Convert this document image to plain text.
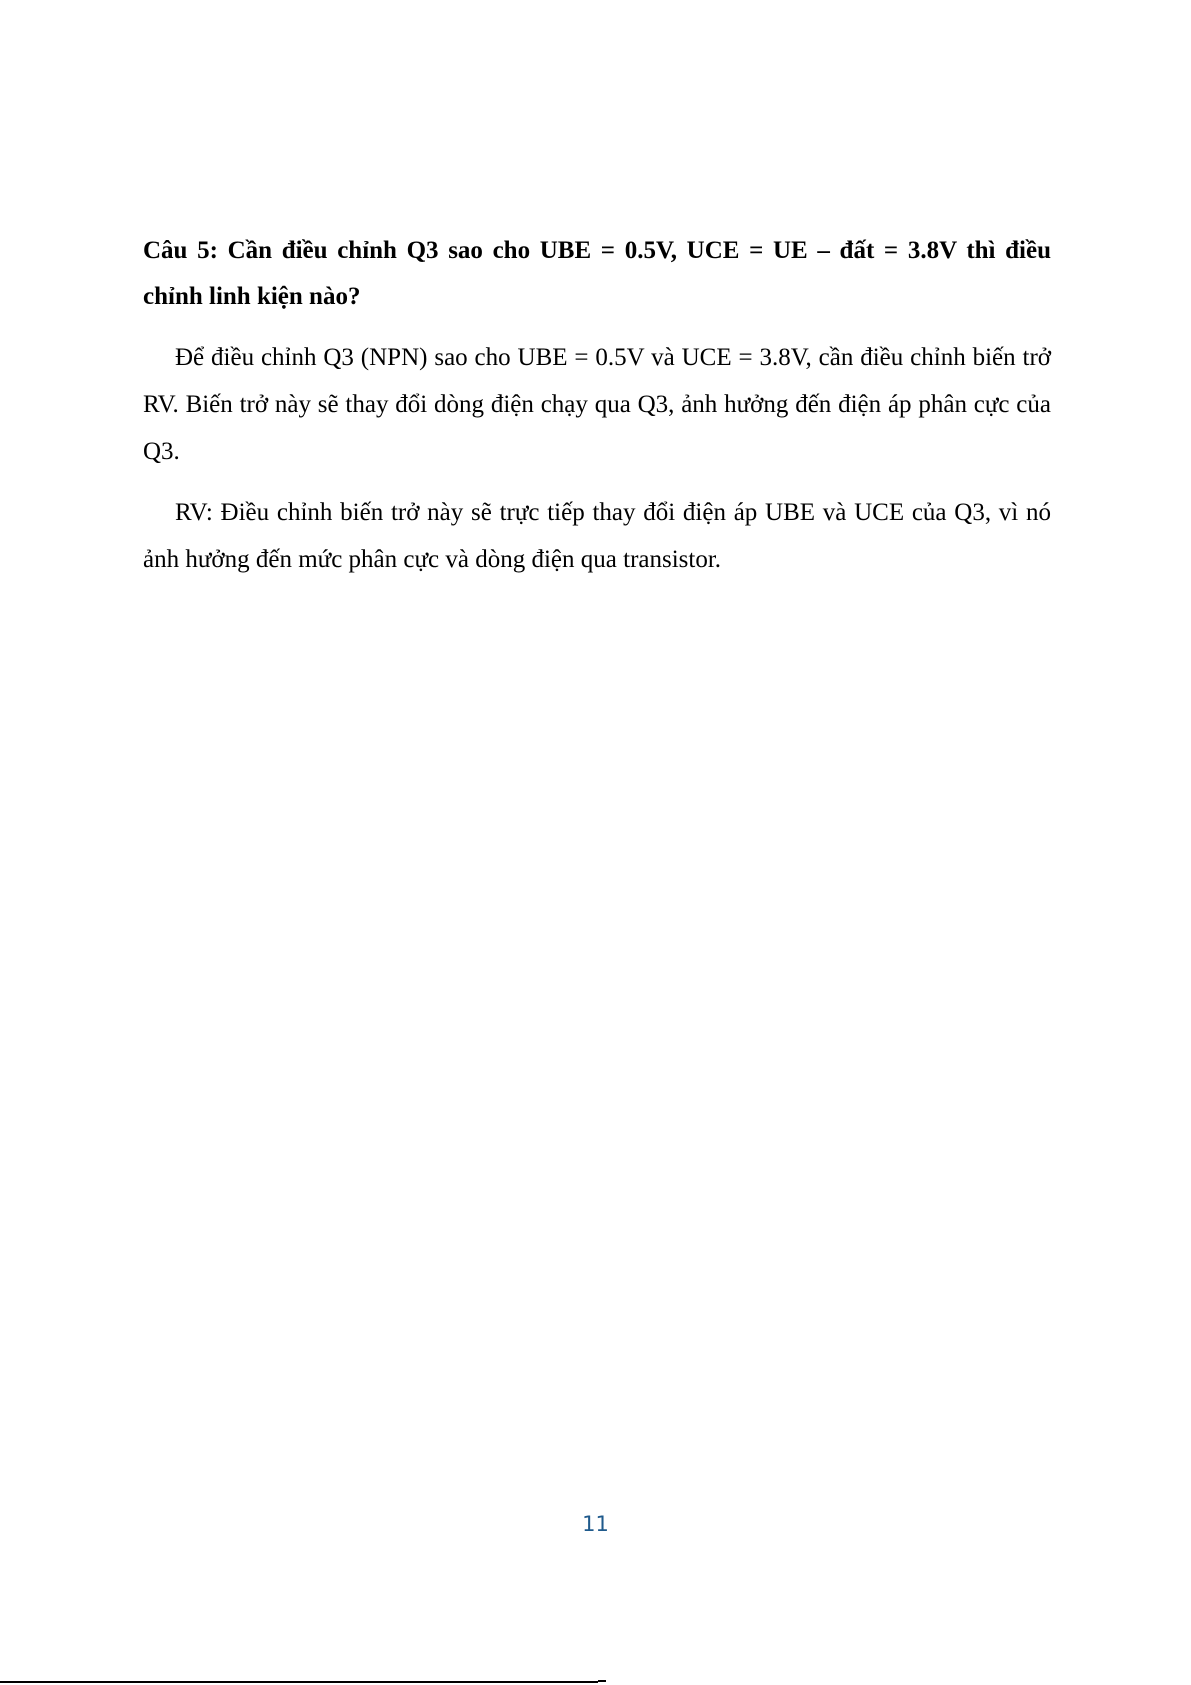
Câu 5: Cần điều chỉnh Q3 sao cho UBE = 0.5V, UCE = UE – đất = 3.8V thì điều chỉnh linh kiện nào?

Để điều chỉnh Q3 (NPN) sao cho UBE = 0.5V và UCE = 3.8V, cần điều chỉnh biến trở RV. Biến trở này sẽ thay đổi dòng điện chạy qua Q3, ảnh hưởng đến điện áp phân cực của Q3.

RV: Điều chỉnh biến trở này sẽ trực tiếp thay đổi điện áp UBE và UCE của Q3, vì nó ảnh hưởng đến mức phân cực và dòng điện qua transistor.

11
